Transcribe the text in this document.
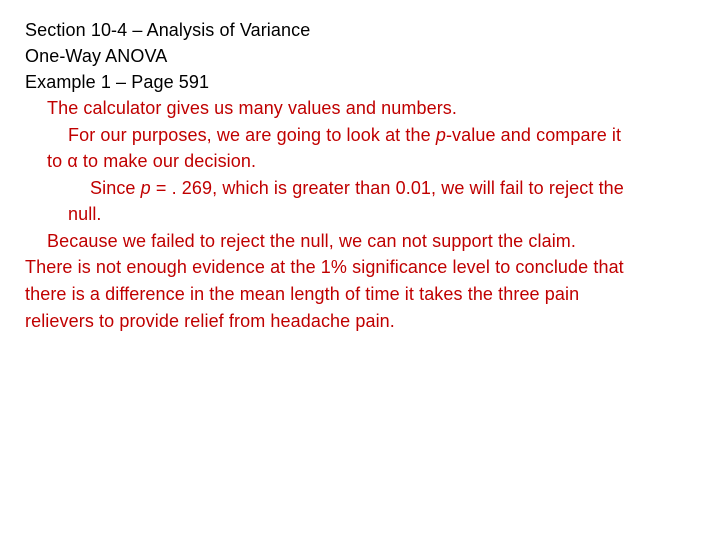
Section 10-4 – Analysis of Variance
One-Way ANOVA
Example 1 – Page 591
The calculator gives us many values and numbers.
For our purposes, we are going to look at the p-value and compare it
to α to make our decision.
Since p = . 269, which is greater than 0.01, we will fail to reject the
null.
Because we failed to reject the null, we can not support the claim.
There is not enough evidence at the 1% significance level to conclude that
there is a difference in the mean length of time it takes the three pain
relievers to provide relief from headache pain.
